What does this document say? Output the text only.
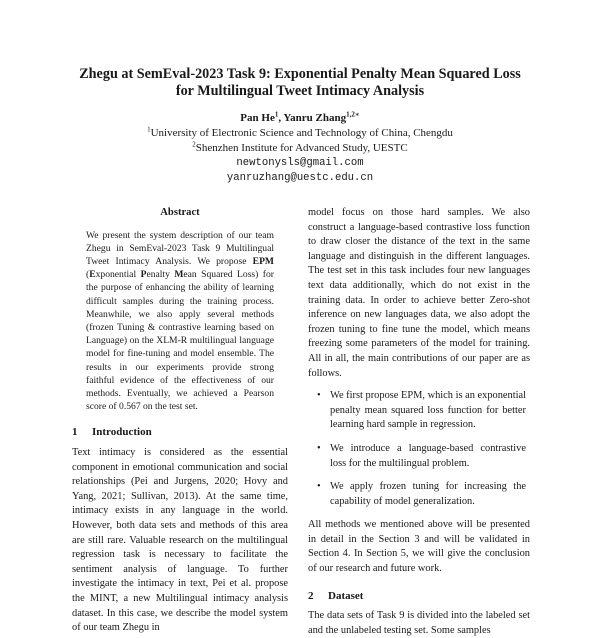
Zhegu at SemEval-2023 Task 9: Exponential Penalty Mean Squared Loss
for Multilingual Tweet Intimacy Analysis
Pan He$^1$, Yanru Zhang$^{1,2∗}$
$^1$University of Electronic Science and Technology of China, Chengdu
$^2$Shenzhen Institute for Advanced Study, UESTC
newtonysls@gmail.com
yanruzhang@uestc.edu.cn
Abstract

We present the system description of our team Zhegu in SemEval-2023 Task 9 Multilingual Tweet Intimacy Analysis. We propose EPM (Exponential Penalty Mean Squared Loss) for the purpose of enhancing the ability of learning difficult samples during the training process. Meanwhile, we also apply several methods (frozen Tuning & contrastive learning based on Language) on the XLM-R multilingual language model for fine-tuning and model ensemble. The results in our experiments provide strong faithful evidence of the effectiveness of our methods. Eventually, we achieved a Pearson score of 0.567 on the test set.

1 Introduction

Text intimacy is considered as the essential component in emotional communication and social relationships (Pei and Jurgens, 2020; Hovy and Yang, 2021; Sullivan, 2013). At the same time, intimacy exists in any language in the world. However, both data sets and methods of this area are still rare. Valuable research on the multilingual regression task is necessary to facilitate the sentiment analysis of language. To further investigate the intimacy in text, Pei et al. propose the MINT, a new Multilingual intimacy analysis dataset. In this case, we describe the model system of our team Zhegu in

model focus on those hard samples. We also construct a language-based contrastive loss function to draw closer the distance of the text in the same language and distinguish in the different languages. The test set in this task includes four new languages text data additionally, which do not exist in the training data. In order to achieve better Zero-shot inference on new languages data, we also adopt the frozen tuning to fine tune the model, which means freezing some parameters of the model for training. All in all, the main contributions of our paper are as follows.

• We first propose EPM, which is an exponential penalty mean squared loss function for better learning hard sample in regression.
• We introduce a language-based contrastive loss for the multilingual problem.
• We apply frozen tuning for increasing the capability of model generalization.

All methods we mentioned above will be presented in detail in the Section 3 and will be validated in Section 4. In Section 5, we will give the conclusion of our research and future work.

2 Dataset

The data sets of Task 9 is divided into the labeled set and the unlabeled testing set. Some samples
